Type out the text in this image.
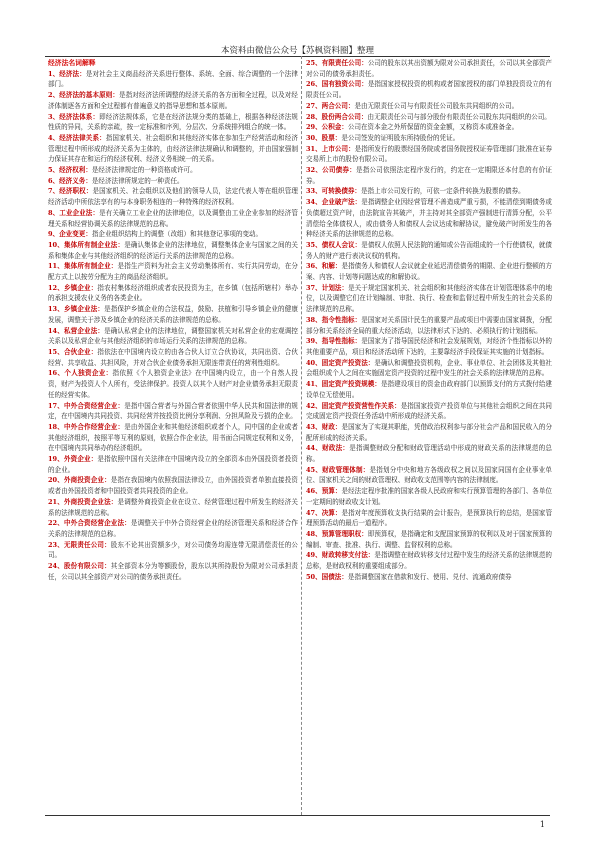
本资料由微信公众号【苏枫资料圈】整理
经济法名词解释
1、经济法：是对社会主义商品经济关系进行整体、系统、全面、综合调整的一个法律部门。
2、经济法的基本原则：是指对经济法所调整的经济关系的各方面和全过程，以及对经济体制逐各方面和全过程都有普遍意义的指导思想和基本原则。
3、经济法体系：即经济法规体系，它是在经济法规分类的基础上，根据各种经济法规性质的异同，关系的亲疏，按一定标准和序列，分层次、分系统排列组合的统一体。
4、经济法律关系：指国家机关、社会组织和其他经济实体在参加生产经营活动和经济管理过程中所形成的经济关系为主体的，由经济法律法规确认和调整的，并由国家强制力保证其存在和运行的经济权利、经济义务相统一的关系。
5、经济权利：是经济法律规定的一种资格或许可。
6、经济义务：是经济法律所规定的一种责任。
7、经济职权：是国家机关、社会组织以及他们的领导人员，法定代表人等在组织管理经济活动中所依法享有的与本身职务相连的一种特殊的经济权利。
8、工业企业法：是有关确立工业企业的法律地位，以及调整由工业企业参加的经济管理关系和经营协调关系的法律规范的总称。
9、企业变更：指企业组织结构上的调整（改组）和其他登记事项的变动。
10、集体所有制企业法：是确认集体企业的法律地位，调整集体企业与国家之间的关系和集体企业与其他经济组织的经济运行关系的法律规范的总称。
11、集体所有制企业：是指生产资料为社会主义劳动集体所有、实行共同劳动，在分配方式上以按劳分配为主的商品经济组织。
12、乡镇企业：指农村集体经济组织或者农民投资为主，在乡镇（包括所辖村）举办的承担支援农业义务的各类企业。
13、乡镇企业法：是指保护乡镇企业的合法权益，鼓励、扶植和引导乡镇企业的健康发展，调整关于涉及乡镇企业的经济关系的法律规范的总称。
14、私营企业法：是确认私营企业的法律地位，调整国家机关对私营企业的宏观调控关系以及私营企业与其他经济组织的市场运行关系的法律规范的总称。
15、合伙企业：指依法在中国境内设立的由各合伙人订立合伙协议，共同出资、合伙经营、共享收益、共担风险，并对合伙企业债务承担无限连带责任的营利性组织。
16、个人独资企业：指依照《个人独资企业法》在中国境内设立，由一个自然人投资，财产为投资人个人所有，受法律保护。投资人以其个人财产对企业债务承担无限责任的经营实体。
17、中外合资经营企业：是指中国合营者与外国合营者依照中华人民共和国法律的规定，在中国境内共同投资、共同经营并按投资比例分享利润、分担风险及亏损的企业。
18、中外合作经营企业：是由外国企业和其他经济组织或者个人，同中国的企业或者其他经济组织，按照平等互利的原则，依照合作企业法，用书面合同规定权利和义务，在中国境内共同举办的经济组织。
19、外资企业：是指依照中国有关法律在中国境内设立的全部资本由外国投资者投资的企业。
20、外商投资企业：是指在我国境内依照我国法律设立，由外国投资者单独直接投资或者由外国投资者和中国投资者共同投资的企业。
21、外商投资企业法：是调整外商投资企业在设立、经营管理过程中所发生的经济关系的法律规范的总称。
22、中外合资经营企业法：是调整关于中外合资经营企业的经济管理关系和经济合作关系的法律规范的总称。
23、无限责任公司：股东不论其出资额多少，对公司债务均需连带无限清偿责任的公司。
24、股份有限公司：其全部资本分为等额股份，股东以其所持股份为限对公司承担责任，公司以其全部资产对公司的债务承担责任。
25、有限责任公司：公司的股东以其出资额为限对公司承担责任，公司以其全部资产对公司的债务承担责任。
26、国有独资公司：是指国家授权投资的机构或者国家授权的部门单独投资设立的有限责任公司。
27、两合公司：是由无限责任公司与有限责任公司股东共同组织的公司。
28、股份两合公司：由无限责任公司与部分股份有限责任公司股东共同组织的公司。
29、公积金：公司在资本金之外所保留的资金金额，又称资本或准备金。
30、股票：是公司签发的证明股东所持股份的凭证。
31、上市公司：是指所发行的股票经国务院或者国务院授权证券管理部门批准在证券交易所上市的股份有限公司。
32、公司债券：是指公司依照法定程序发行的，约定在一定期限还本付息的有价证券。
33、可转换债券：是指上市公司发行的，可依一定条件转换为股票的债券。
34、企业破产法：是指调整企业因经营管理不善造成严重亏损，不能清偿到期债务或负债超过资产时，由法院宣告其破产，并主持对其全部资产强制进行清算分配，公平清偿给全体债权人，或由债务人和债权人会议达成和解协议，避免破产时所发生的各种经济关系的法律规范的总称。
35、债权人会议：是债权人依照人民法院的通知或公告而组成的一个行使债权，就债务人的财产进行表决议权的机构。
36、和解：是指债务人和债权人会议就企业延迟清偿债务的期限、企业进行整顿的方案、内容、计划等问题达成的和解协议。
37、计划法：是关于规定国家机关、社会组织和其他经济实体在计划管理体系中的地位，以及调整它们在计划编制、审批、执行、检查和监督过程中所发生的社会关系的法律规范的总称。
38、指令性指标：是国家对关系国计民生的重要产品或项目中需要由国家调拨，分配部分和关系经济全局的重大经济活动，以法律形式下达的、必须执行的计划指标。
39、指导性指标：是国家为了指导国民经济和社会发展规划，对经济个性指标以外的其他重要产品，项目和经济活动所下达的，主要靠经济手段保证其实施的计划指标。
40、固定资产投资法：是确认和调整投资机构，企业、事业单位、社会团体及其他社会组织或个人之间在实施固定资产投资的过程中发生的社会关系的法律规范的总称。
41、固定资产投资规模：是指建设项目的资金由政府部门以预算支付的方式拨付给建设单位无偿使用。
42、固定资产投资营性作关系：是指国家投资产投资单位与其他社会组织之间在共同完成固定资产投资任务活动中所形成的经济关系。
43、财政：是国家为了实现其职能，凭借政治权利参与部分社会产品和国民收入的分配所形成的经济关系。
44、财政法：是指调整财政分配和财政管理活动中形成的财政关系的法律规范的总称。
45、财政管理体制：是指划分中央和地方各级政权之间以及国家同国有企业事业单位、国家机关之间的财政管理权、财政收支范围等内容的法律制度。
46、预算：是经法定程序批准的国家各级人民政府和实行预算管理的各部门、各单位一定期间的财政收支计划。
47、决算：是指对年度预算收支执行结果的会计报告，是预算执行的总结，是国家管理预算活动的最后一道程序。
48、预算管理职权：即预算权，是指确定和支配国家预算的权利以及对于国家预算的编制、审查、批准、执行、调整、监督权利的总称。
49、财政转移支付法：是指调整在财政转移支付过程中发生的经济关系的法律规范的总称，是财政权利的重要组成部分。
50、国债法：是指调整国家在借款和发行、使用、兑付、流通政府债券
1
